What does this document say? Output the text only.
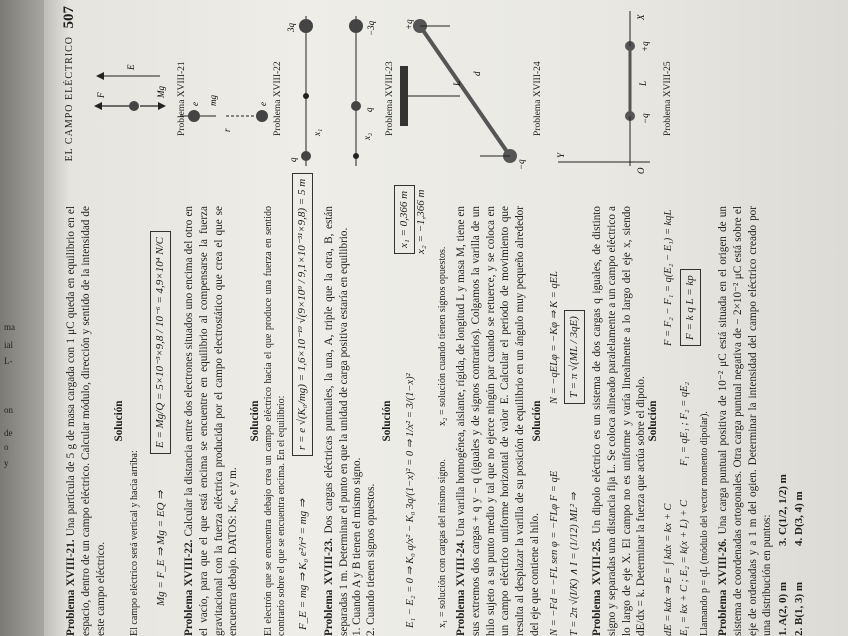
ma
ial
L-
on
de
o
y
EL CAMPO ELÉCTRICO
507
Problema XVIII-21. Una partícula de 5 g de masa cargada con 1 μC queda en equilibrio en el espacio, dentro de un campo eléctrico. Calcular módulo, dirección y sentido de la intensidad de este campo eléctrico.
Solución
El campo eléctrico será vertical y hacia arriba: Mg = F_E ⇒ Mg = EQ ⇒
E = Mg/Q = 5×10⁻³×9,8 / 10⁻⁶ = 4,9×10⁴ N/C
Problema XVIII-22. Calcular la distancia entre dos electrones situados uno encima del otro en el vacío, para que el que está encima se encuentre en equilibrio al compensarse la fuerza gravitacional con la fuerza eléctrica producida por el campo electrostático que crea el que se encuentra debajo. DATOS: K₀, e y m.
Solución El electrón que se encuentra debajo crea un campo eléctrico hacia el que produce una fuerza en sentido contrario sobre el que se encuentra encima. En el equilibrio: F_E = mg ⇒ K₀ e²/r² = mg ⇒
r = e √(K₀/mg) = 1,6×10⁻¹⁹ √(9×10⁹ / 9,1×10⁻³¹×9,8) = 5 m
Problema XVIII-23. Dos cargas eléctricas puntuales, la una, A, triple que la otra, B, están separadas 1 m. Determinar el punto en que la unidad de carga positiva estaría en equilibrio. 1. Cuando A y B tienen el mismo signo. 2. Cuando tienen signos opuestos.
Solución E₁ − E₂ = 0 ⇒ K₀ q/x² − K₀ 3q/(1−x)² = 0 ⇒ 1/x² = 3/(1−x)²
x₁ = 0,366 m x₂ = −1,366 m
x₁ = solución con cargas del mismo signo.
x₂ = solución cuando tienen signos opuestos.
Problema XVIII-24. Una varilla homogénea, aislante, rígida, de longitud L y masa M, tiene en sus extremos dos cargas + q y − q (iguales y de signos contrarios). Colgamos la varilla de un hilo sujeto a su punto medio y tal que no ejerce ningún par cuando se retuerce, y se coloca en un campo eléctrico uniforme horizontal de valor E. Calcular el periodo de movimiento que resulta al desplazar la varilla de su posición de equilibrio en un ángulo muy pequeño alrededor del eje que contiene al hilo.
Solución
N = −Fd = −FL sen φ = −FLφ F = qE
N = −qELφ = −Kφ ⇒ K = qEL
T = 2π √(I/K) ∧ I = (1/12) ML² ⇒
T = π √(ML / 3qE)
Problema XVIII-25. Un dipolo eléctrico es un sistema de dos cargas q iguales, de distinto signo y separadas una distancia fija L. Se coloca alineado paralelamente a un campo eléctrico a lo largo de eje X. El campo no es uniforme y varía linealmente a lo largo del eje x, siendo dE/dx = k. Determinar la fuerza que actúa sobre el dipolo. Solución
dE = kdx ⇒ E = ∫ kdx = kx + C E₁ = kx + C ; E₂ = k(x + L) + C
F₁ = qE₁ ; F₂ = qE₂
F = F₂ − F₁ = q(E₂ − E₁) = kqL F = k q L = kp
Llamando p = qL (módulo del vector momento dipolar). Problema XVIII-26. Una carga puntual positiva de 10⁻² μC está situada en el origen de un sistema de coordenadas ortogonales. Otra carga puntual negativa de − 2×10⁻² μC está sobre el eje de ordenadas y a 1 m del ogien. Determinar la intensidad del campo eléctrico creado por una distribución en puntos: 1. A(2, 0) m
3. C(1/2, 1/2) m
2. B(1, 3) m
4. D(3, 4) m
F	Mg
E	Problema XVIII-21 e	e
r
mg	Problema XVIII-22
q
3q
x₁
q
−3q
x₂
Problema XVIII-23
−q
+q
L
d	Problema XVIII-24	−q
+q
L
Y
X
O
Problema XVIII-25
